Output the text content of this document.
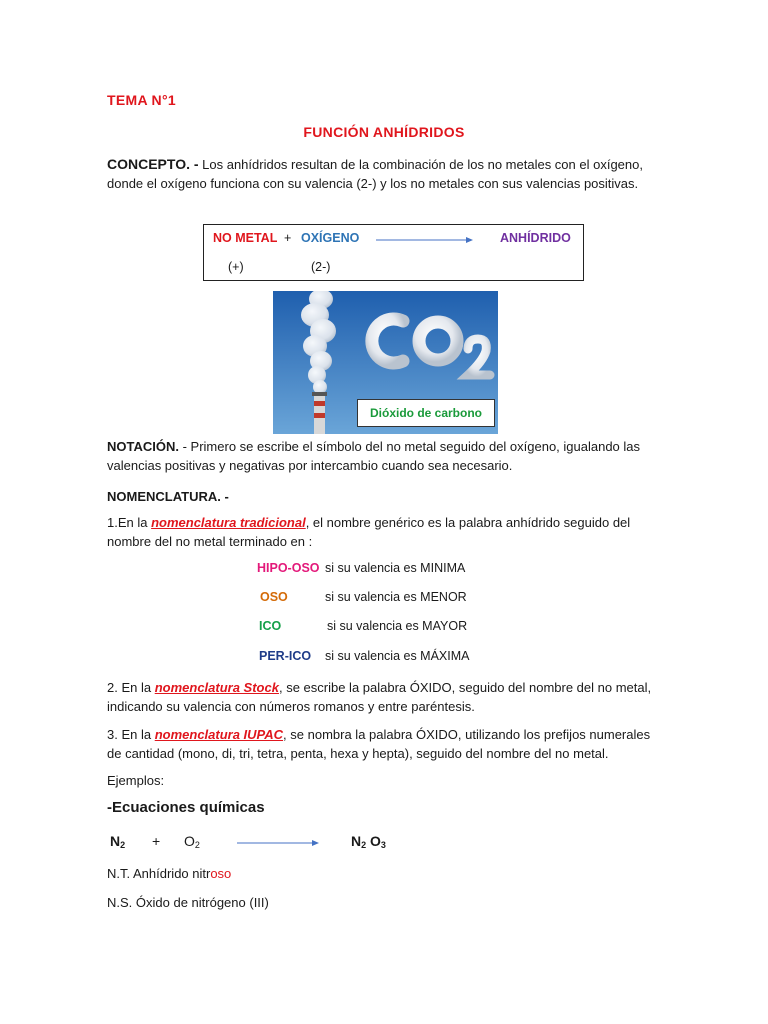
TEMA N°1
FUNCIÓN ANHÍDRIDOS
CONCEPTO. - Los anhídridos resultan de la combinación de los no metales con el oxígeno, donde el oxígeno funciona con su valencia (2-) y los no metales con sus valencias positivas.
NO METAL + OXÍGENO	ANHÍDRIDO
(+)	(2-)
Dióxido de carbono
NOTACIÓN. - Primero se escribe el símbolo del no metal seguido del oxígeno, igualando las valencias positivas y negativas por intercambio cuando sea necesario.
NOMENCLATURA. -
1.En la nomenclatura tradicional, el nombre genérico es la palabra anhídrido seguido del nombre del no metal terminado en :
HIPO-OSO si su valencia es MINIMA
OSO	si su valencia es MENOR
ICO	si su valencia es MAYOR
PER-ICO si su valencia es MÁXIMA
2. En la nomenclatura Stock, se escribe la palabra ÓXIDO, seguido del nombre del no metal, indicando su valencia con números romanos y entre paréntesis.
3. En la nomenclatura IUPAC, se nombra la palabra ÓXIDO, utilizando los prefijos numerales de cantidad (mono, di, tri, tetra, penta, hexa y hepta), seguido del nombre del no metal.
Ejemplos:
-Ecuaciones químicas
$N_2 + O_2$	$N_2$ $O_3$
N.T. Anhídrido nitroso
N.S. Óxido de nitrógeno (III)
